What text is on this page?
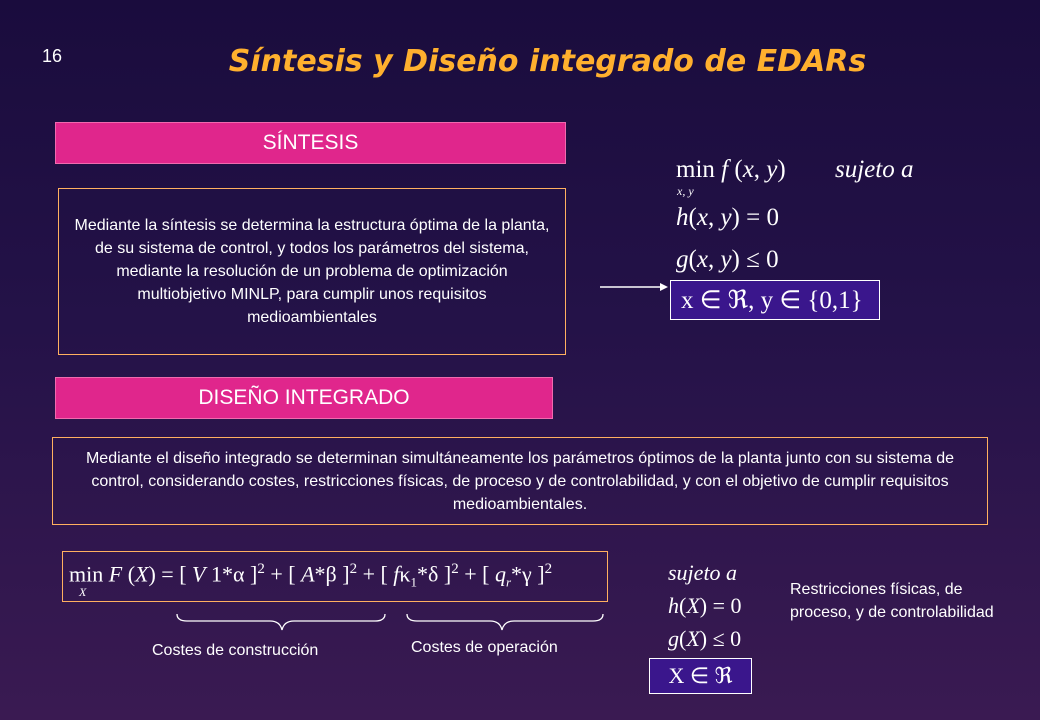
16	Síntesis y Diseño integrado de EDARs
SÍNTESIS
Mediante la síntesis se determina la estructura óptima de la planta, de su sistema de control, y todos los parámetros del sistema, mediante la resolución de un problema de optimización multiobjetivo MINLP, para cumplir unos requisitos medioambientales
min f (x, y)
x, y
sujeto a
h(x, y) = 0
g(x, y) ≤ 0
x ∈ ℜ, y ∈ {0,1}
DISEÑO INTEGRADO
Mediante el diseño integrado se determinan simultáneamente los parámetros óptimos de la planta junto con su sistema de control, considerando costes, restricciones físicas, de proceso y de controlabilidad, y con el objetivo de cumplir requisitos medioambientales.
min F (X) = [ V 1*α ]$^2$ + [ A*β ]$^2$ + [ $f\kappa_1*\delta$ ]$^2$ + [ $q_r*\gamma$ ]$^2$
X
Costes de construcción	Costes de operación
sujeto a
h(X) = 0
g(X) ≤ 0
X ∈ ℜ
Restricciones físicas, de proceso, y de controlabilidad
